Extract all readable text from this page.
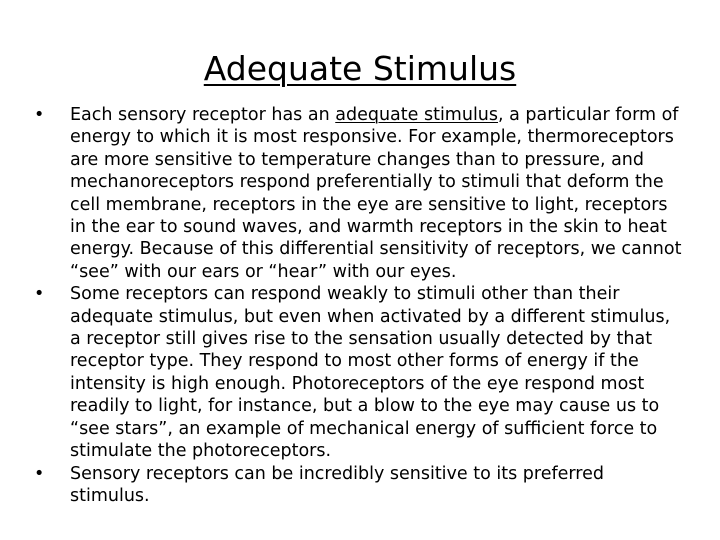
Adequate Stimulus
•	Each sensory receptor has an adequate stimulus, a particular form of energy to which it is most responsive. For example, thermoreceptors are more sensitive to temperature changes than to pressure, and mechanoreceptors respond preferentially to stimuli that deform the cell membrane, receptors in the eye are sensitive to light, receptors in the ear to sound waves, and warmth receptors in the skin to heat energy. Because of this differential sensitivity of receptors, we cannot “see” with our ears or “hear” with our eyes.
•	Some receptors can respond weakly to stimuli other than their adequate stimulus, but even when activated by a different stimulus, a receptor still gives rise to the sensation usually detected by that receptor type. They respond to most other forms of energy if the intensity is high enough. Photoreceptors of the eye respond most readily to light, for instance, but a blow to the eye may cause us to “see stars”, an example of mechanical energy of sufficient force to stimulate the photoreceptors.
•	Sensory receptors can be incredibly sensitive to its preferred stimulus.
